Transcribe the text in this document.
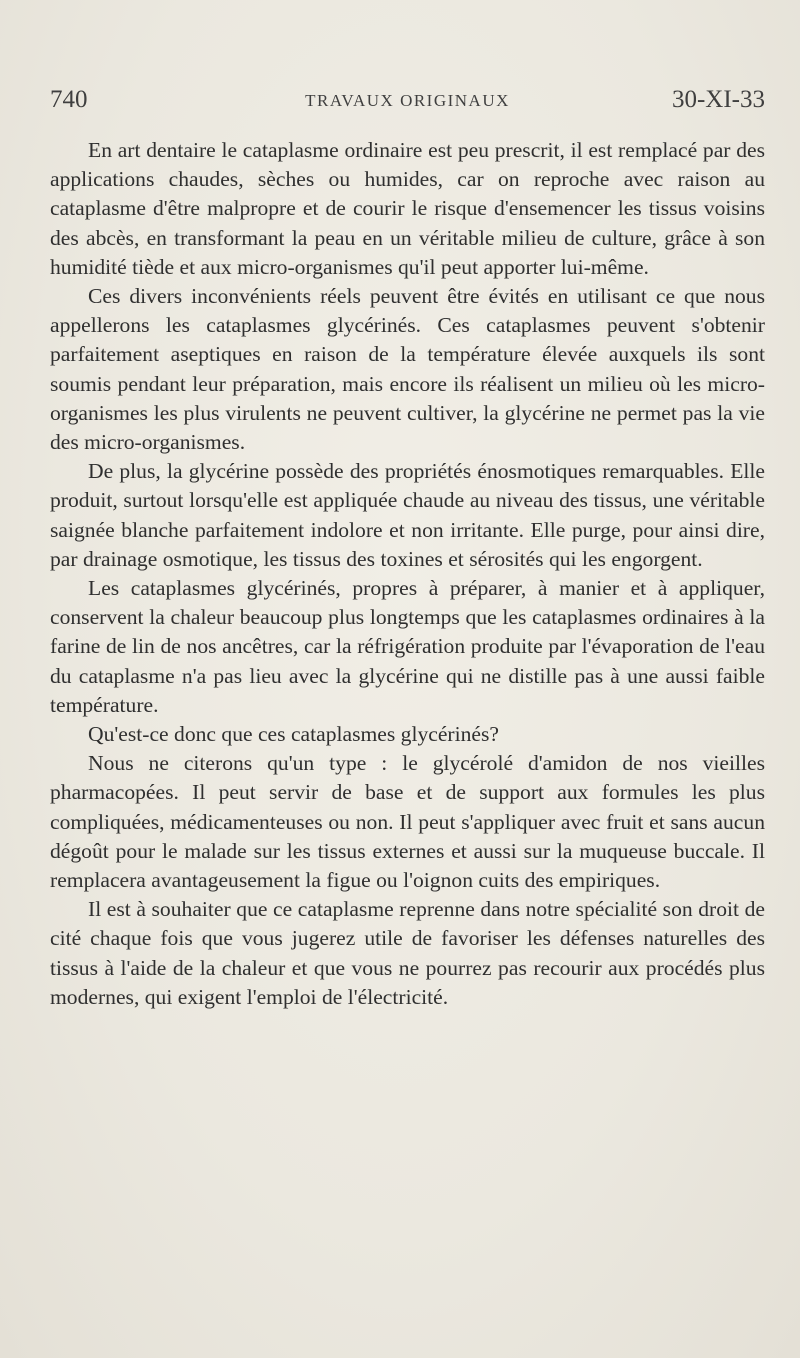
740	TRAVAUX ORIGINAUX	30-XI-33

En art dentaire le cataplasme ordinaire est peu prescrit, il est remplacé par des applications chaudes, sèches ou humides, car on reproche avec raison au cataplasme d'être malpropre et de courir le risque d'ensemencer les tissus voisins des abcès, en transformant la peau en un véritable milieu de culture, grâce à son humidité tiède et aux micro-organismes qu'il peut apporter lui-même.

Ces divers inconvénients réels peuvent être évités en utilisant ce que nous appellerons les cataplasmes glycérinés. Ces cataplasmes peuvent s'obtenir parfaitement aseptiques en raison de la température élevée auxquels ils sont soumis pendant leur préparation, mais encore ils réalisent un milieu où les micro-organismes les plus virulents ne peuvent cultiver, la glycérine ne permet pas la vie des micro-organismes.

De plus, la glycérine possède des propriétés énosmotiques remarquables. Elle produit, surtout lorsqu'elle est appliquée chaude au niveau des tissus, une véritable saignée blanche parfaitement indolore et non irritante. Elle purge, pour ainsi dire, par drainage osmotique, les tissus des toxines et sérosités qui les engorgent.

Les cataplasmes glycérinés, propres à préparer, à manier et à appliquer, conservent la chaleur beaucoup plus longtemps que les cataplasmes ordinaires à la farine de lin de nos ancêtres, car la réfrigération produite par l'évaporation de l'eau du cataplasme n'a pas lieu avec la glycérine qui ne distille pas à une aussi faible température.

Qu'est-ce donc que ces cataplasmes glycérinés?

Nous ne citerons qu'un type : le glycérolé d'amidon de nos vieilles pharmacopées. Il peut servir de base et de support aux formules les plus compliquées, médicamenteuses ou non. Il peut s'appliquer avec fruit et sans aucun dégoût pour le malade sur les tissus externes et aussi sur la muqueuse buccale. Il remplacera avantageusement la figue ou l'oignon cuits des empiriques.

Il est à souhaiter que ce cataplasme reprenne dans notre spécialité son droit de cité chaque fois que vous jugerez utile de favoriser les défenses naturelles des tissus à l'aide de la chaleur et que vous ne pourrez pas recourir aux procédés plus modernes, qui exigent l'emploi de l'électricité.
